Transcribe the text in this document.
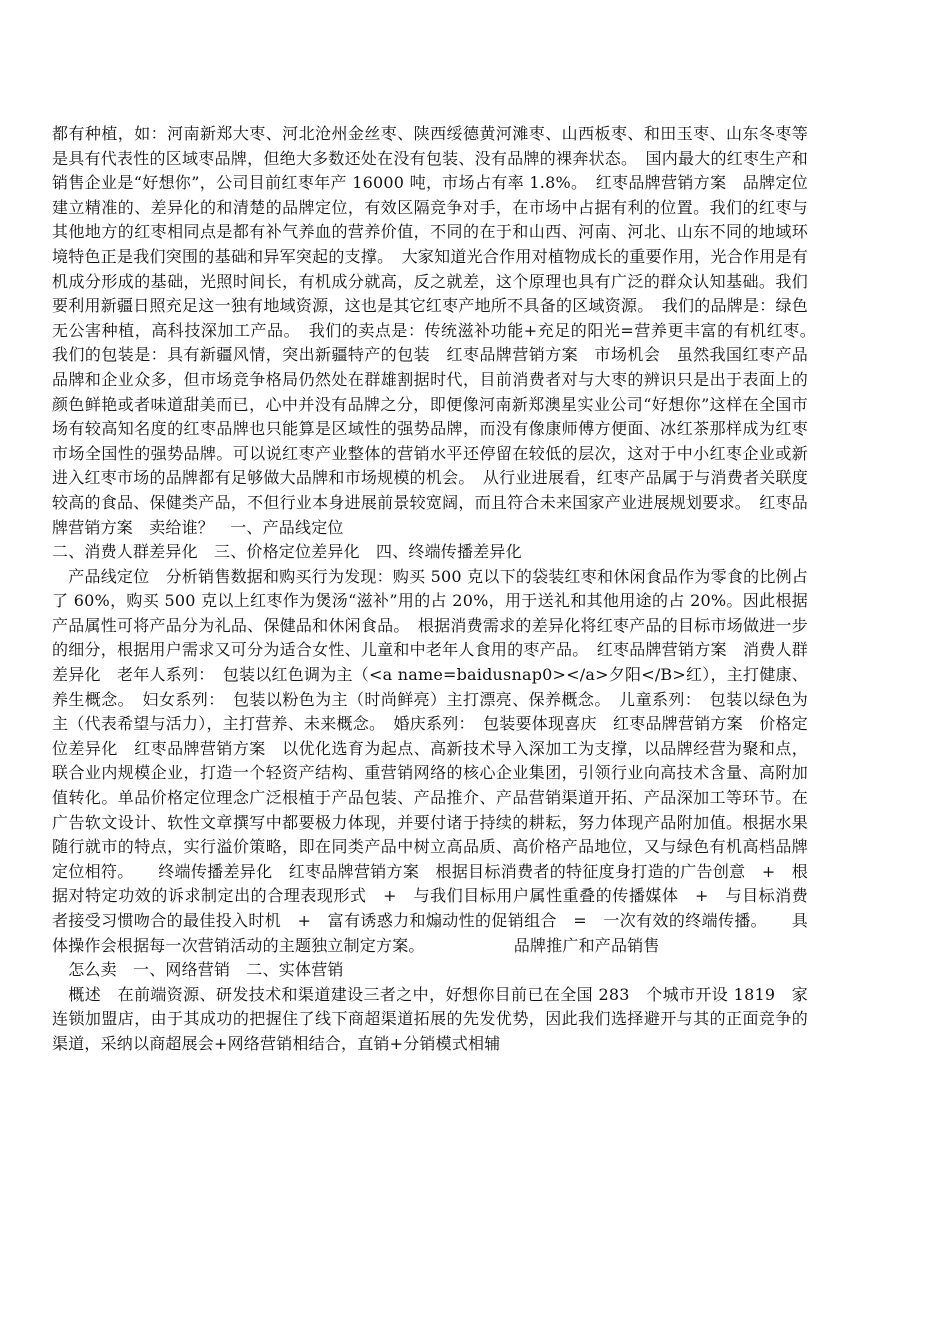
都有种植，如：河南新郑大枣、河北沧州金丝枣、陕西绥德黄河滩枣、山西板枣、和田玉枣、山东冬枣等是具有代表性的区域枣品牌，但绝大多数还处在没有包装、没有品牌的裸奔状态。　国内最大的红枣生产和销售企业是“好想你”，公司目前红枣年产 16000 吨，市场占有率 1.8%。　红枣品牌营销方案　品牌定位　建立精准的、差异化的和清楚的品牌定位，有效区隔竞争对手，在市场中占据有利的位置。我们的红枣与其他地方的红枣相同点是都有补气养血的营养价值，不同的在于和山西、河南、河北、山东不同的地域环境特色正是我们突围的基础和异军突起的支撑。　大家知道光合作用对植物成长的重要作用，光合作用是有机成分形成的基础，光照时间长，有机成分就高，反之就差，这个原理也具有广泛的群众认知基础。我们要利用新疆日照充足这一独有地域资源，这也是其它红枣产地所不具备的区域资源。　我们的品牌是：绿色无公害种植，高科技深加工产品。　我们的卖点是：传统滋补功能+充足的阳光=营养更丰富的有机红枣。　我们的包装是：具有新疆风情，突出新疆特产的包装　红枣品牌营销方案　市场机会　虽然我国红枣产品品牌和企业众多，但市场竞争格局仍然处在群雄割据时代，目前消费者对与大枣的辨识只是出于表面上的颜色鲜艳或者味道甜美而已，心中并没有品牌之分，即便像河南新郑澳星实业公司“好想你”这样在全国市场有较高知名度的红枣品牌也只能算是区域性的强势品牌，而没有像康师傅方便面、冰红茶那样成为红枣市场全国性的强势品牌。可以说红枣产业整体的营销水平还停留在较低的层次，这对于中小红枣企业或新进入红枣市场的品牌都有足够做大品牌和市场规模的机会。　从行业进展看，红枣产品属于与消费者关联度较高的食品、保健类产品，不但行业本身进展前景较宽阔，而且符合未来国家产业进展规划要求。　红枣品牌营销方案　卖给谁？　一、产品线定位

二、消费人群差异化　三、价格定位差异化　四、终端传播差异化

　产品线定位　分析销售数据和购买行为发现：购买 500 克以下的袋装红枣和休闲食品作为零食的比例占了 60%，购买 500 克以上红枣作为煲汤“滋补”用的占 20%，用于送礼和其他用途的占 20%。因此根据产品属性可将产品分为礼品、保健品和休闲食品。　根据消费需求的差异化将红枣产品的目标市场做进一步的细分，根据用户需求又可分为适合女性、儿童和中老年人食用的枣产品。　红枣品牌营销方案　消费人群差异化　老年人系列：　包装以红色调为主（<a name=baidusnap0></a>夕阳</B>红），主打健康、养生概念。　妇女系列：　包装以粉色为主（时尚鲜亮）主打漂亮、保养概念。　儿童系列：　包装以绿色为主（代表希望与活力），主打营养、未来概念。　婚庆系列：　包装要体现喜庆　红枣品牌营销方案　价格定位差异化　红枣品牌营销方案　以优化选育为起点、高新技术导入深加工为支撑，以品牌经营为聚和点，联合业内规模企业，打造一个轻资产结构、重营销网络的核心企业集团，引领行业向高技术含量、高附加值转化。单品价格定位理念广泛根植于产品包装、产品推介、产品营销渠道开拓、产品深加工等环节。在广告软文设计、软性文章撰写中都要极力体现，并要付诸于持续的耕耘，努力体现产品附加值。根据水果随行就市的特点，实行溢价策略，即在同类产品中树立高品质、高价格产品地位，又与绿色有机高档品牌定位相符。　　终端传播差异化　红枣品牌营销方案　根据目标消费者的特征度身打造的广告创意　+　根据对特定功效的诉求制定出的合理表现形式　+　与我们目标用户属性重叠的传播媒体　+　与目标消费者接受习惯吻合的最佳投入时机　+　富有诱惑力和煽动性的促销组合　=　一次有效的终端传播。　　具体操作会根据每一次营销活动的主题独立制定方案。　　　　　　品牌推广和产品销售

　怎么卖　一、网络营销　二、实体营销

　概述　在前端资源、研发技术和渠道建设三者之中，好想你目前已在全国 283　个城市开设 1819　家连锁加盟店，由于其成功的把握住了线下商超渠道拓展的先发优势，因此我们选择避开与其的正面竞争的渠道，采纳以商超展会+网络营销相结合，直销+分销模式相辅
